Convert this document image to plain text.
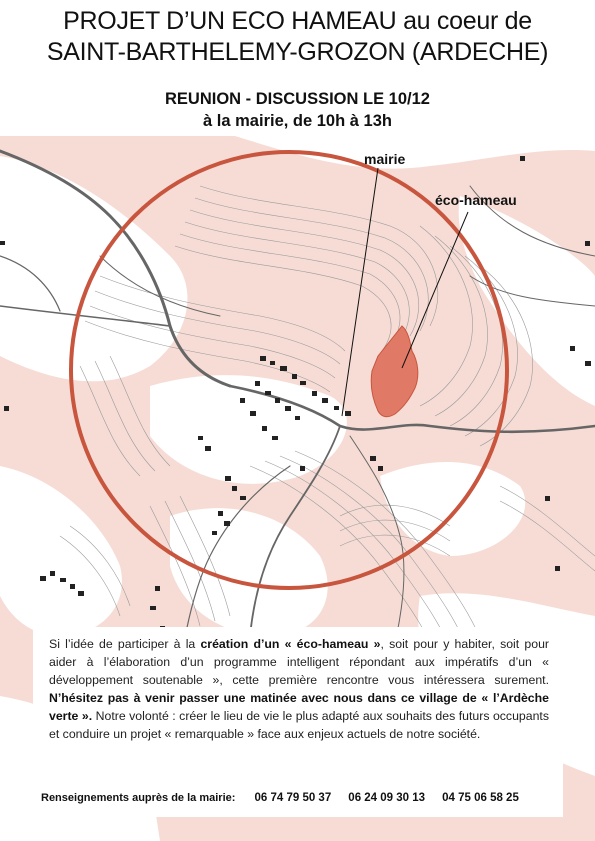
PROJET D’UN ECO HAMEAU au coeur de
SAINT-BARTHELEMY-GROZON (ARDECHE)
REUNION - DISCUSSION LE 10/12
à la mairie, de 10h à 13h
mairie
éco-hameau
Si l’idée de participer à la création d’un « éco-hameau », soit pour y habiter, soit pour aider à l’élaboration d’un programme intelligent répondant aux impératifs d’un « développement soutenable », cette première rencontre vous intéressera surement. N’hésitez pas à venir passer une matinée avec nous dans ce village de « l’Ardèche verte ». Notre volonté : créer le lieu de vie le plus adapté aux souhaits des futurs occupants et conduire un projet « remarquable » face aux enjeux actuels de notre société.
Renseignements auprès de la mairie: 06 74 79 50 37 06 24 09 30 13 04 75 06 58 25
